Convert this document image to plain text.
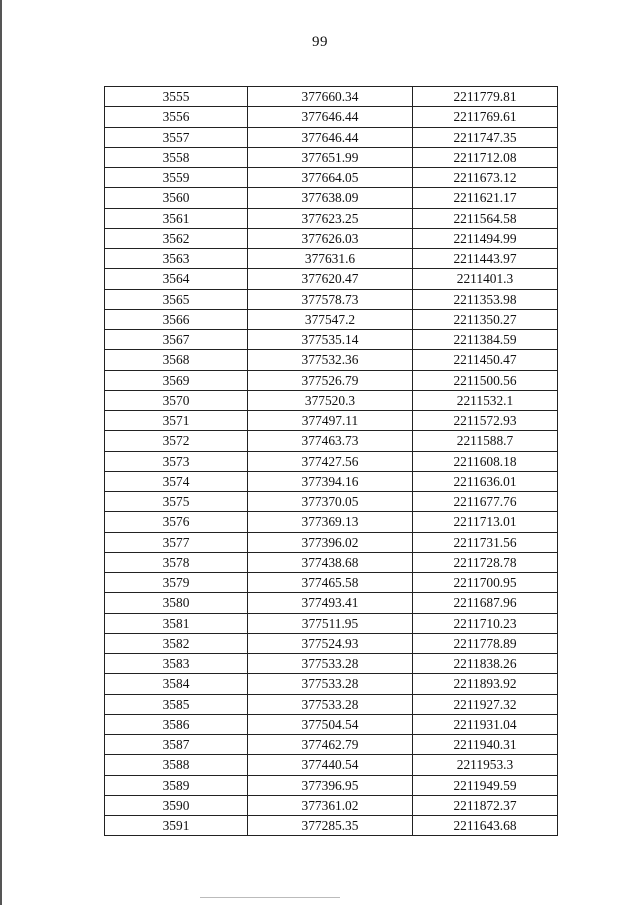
99
3555	377660.34	2211779.81
3556	377646.44	2211769.61
3557	377646.44	2211747.35
3558	377651.99	2211712.08
3559	377664.05	2211673.12
3560	377638.09	2211621.17
3561	377623.25	2211564.58
3562	377626.03	2211494.99
3563	377631.6	2211443.97
3564	377620.47	2211401.3
3565	377578.73	2211353.98
3566	377547.2	2211350.27
3567	377535.14	2211384.59
3568	377532.36	2211450.47
3569	377526.79	2211500.56
3570	377520.3	2211532.1
3571	377497.11	2211572.93
3572	377463.73	2211588.7
3573	377427.56	2211608.18
3574	377394.16	2211636.01
3575	377370.05	2211677.76
3576	377369.13	2211713.01
3577	377396.02	2211731.56
3578	377438.68	2211728.78
3579	377465.58	2211700.95
3580	377493.41	2211687.96
3581	377511.95	2211710.23
3582	377524.93	2211778.89
3583	377533.28	2211838.26
3584	377533.28	2211893.92
3585	377533.28	2211927.32
3586	377504.54	2211931.04
3587	377462.79	2211940.31
3588	377440.54	2211953.3
3589	377396.95	2211949.59
3590	377361.02	2211872.37
3591	377285.35	2211643.68
